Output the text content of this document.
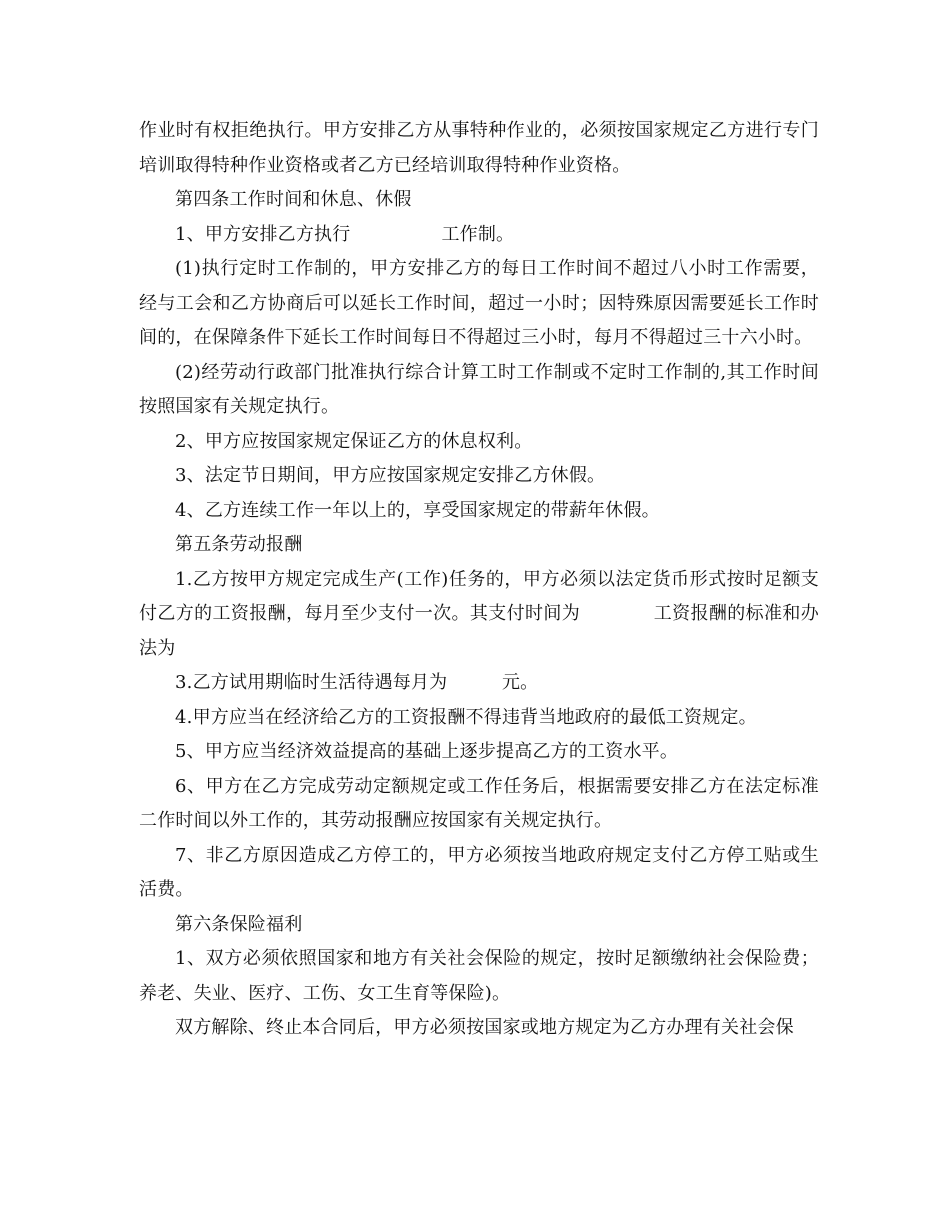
作业时有权拒绝执行。甲方安排乙方从事特种作业的，必须按国家规定乙方进行专门培训取得特种作业资格或者乙方已经培训取得特种作业资格。

第四条工作时间和休息、休假

1、甲方安排乙方执行　　　　　工作制。

(1)执行定时工作制的，甲方安排乙方的每日工作时间不超过八小时工作需要，经与工会和乙方协商后可以延长工作时间，超过一小时；因特殊原因需要延长工作时间的，在保障条件下延长工作时间每日不得超过三小时，每月不得超过三十六小时。

(2)经劳动行政部门批准执行综合计算工时工作制或不定时工作制的,其工作时间按照国家有关规定执行。

2、甲方应按国家规定保证乙方的休息权利。

3、法定节日期间，甲方应按国家规定安排乙方休假。

4、乙方连续工作一年以上的，享受国家规定的带薪年休假。

第五条劳动报酬

1.乙方按甲方规定完成生产(工作)任务的，甲方必须以法定货币形式按时足额支付乙方的工资报酬，每月至少支付一次。其支付时间为　　　　工资报酬的标准和办法为

3.乙方试用期临时生活待遇每月为　　　元。

4.甲方应当在经济给乙方的工资报酬不得违背当地政府的最低工资规定。

5、甲方应当经济效益提高的基础上逐步提高乙方的工资水平。

6、甲方在乙方完成劳动定额规定或工作任务后，根据需要安排乙方在法定标准二作时间以外工作的，其劳动报酬应按国家有关规定执行。

7、非乙方原因造成乙方停工的，甲方必须按当地政府规定支付乙方停工贴或生活费。

第六条保险福利

1、双方必须依照国家和地方有关社会保险的规定，按时足额缴纳社会保险费；养老、失业、医疗、工伤、女工生育等保险)。

双方解除、终止本合同后，甲方必须按国家或地方规定为乙方办理有关社会保
